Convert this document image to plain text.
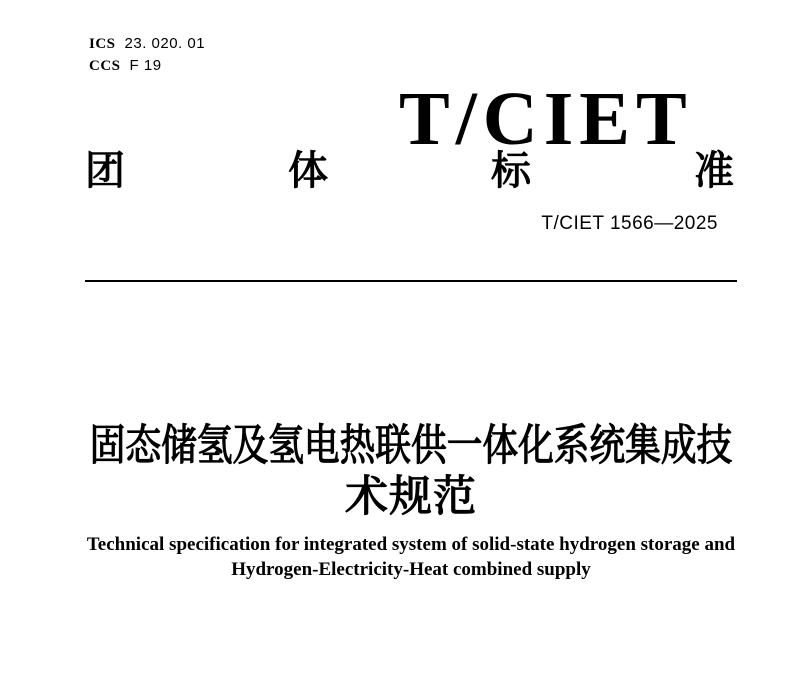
ICS 23. 020. 01
CCS F 19
T/CIET
团	体	标	准
T/CIET 1566—2025
固态储氢及氢电热联供一体化系统集成技
术规范
Technical specification for integrated system of solid-state hydrogen storage and
Hydrogen-Electricity-Heat combined supply
